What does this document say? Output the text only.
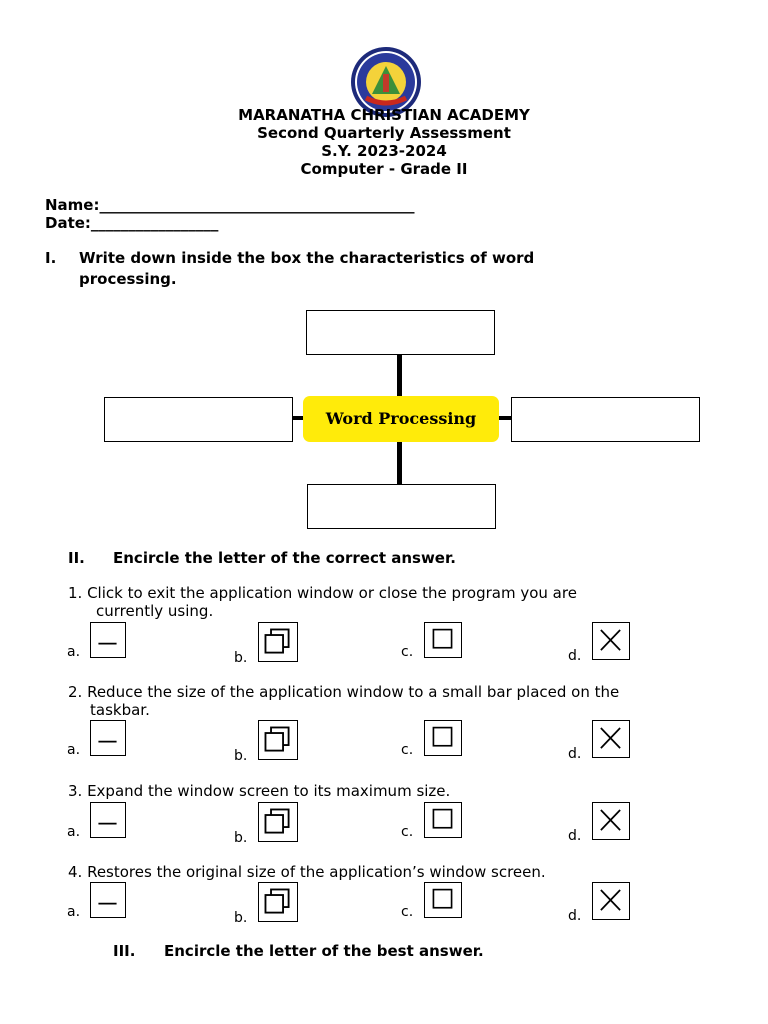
MARANATHA CHRISTIAN ACADEMY
Second Quarterly Assessment
S.Y. 2023-2024
Computer - Grade II
Name:__________________________________________
Date:_________________
I. Write down inside the box the characteristics of word
processing.
Word Processing
II. Encircle the letter of the correct answer.
1. Click to exit the application window or close the program you are
currently using.
2. Reduce the size of the application window to a small bar placed on the
taskbar.
3. Expand the window screen to its maximum size.
4. Restores the original size of the application’s window screen.
a.	b.	c.	d.
a.	b.	c.	d.
a.	b.	c.	d.
a.	b.	c.	d.
III. Encircle the letter of the best answer.
